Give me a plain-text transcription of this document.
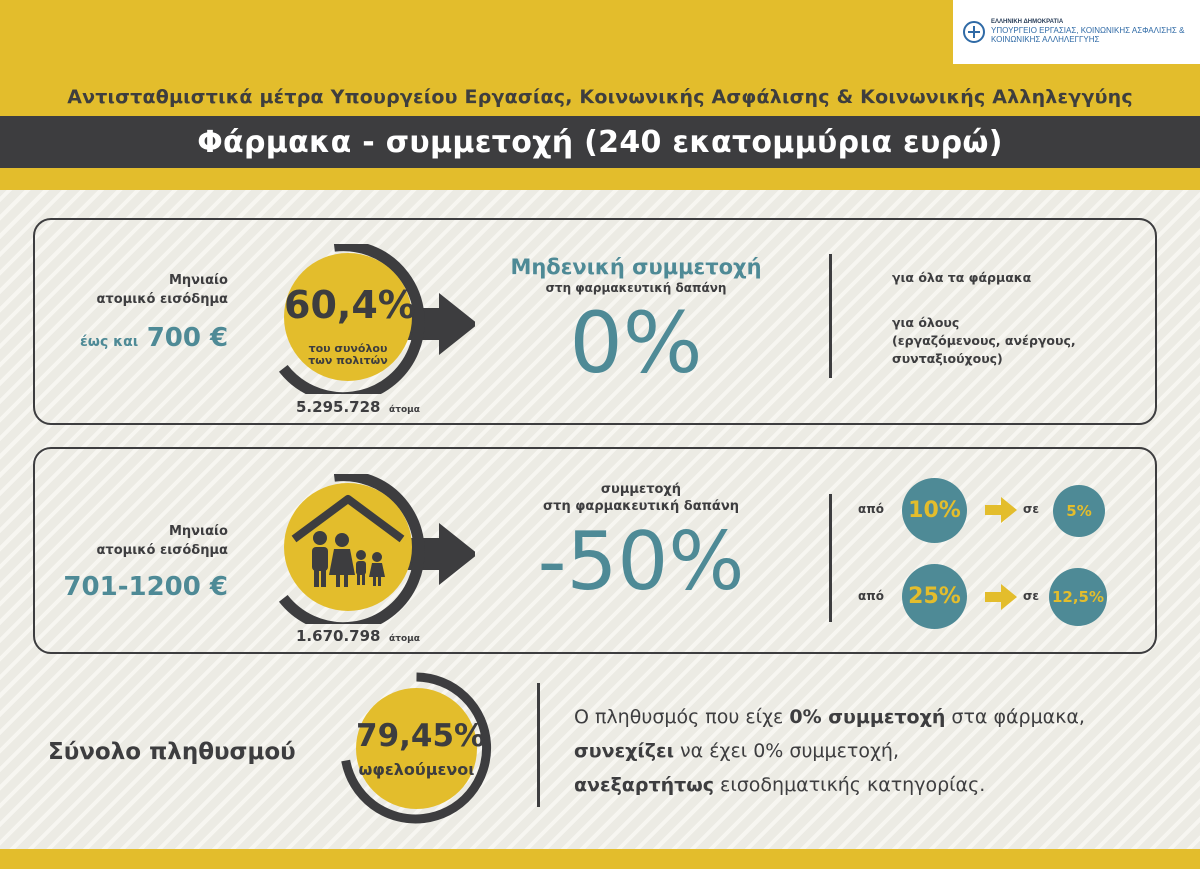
ΕΛΛΗΝΙΚΗ ΔΗΜΟΚΡΑΤΙΑ
ΥΠΟΥΡΓΕΙΟ ΕΡΓΑΣΙΑΣ, ΚΟΙΝΩΝΙΚΗΣ ΑΣΦΑΛΙΣΗΣ &
ΚΟΙΝΩΝΙΚΗΣ ΑΛΛΗΛΕΓΓΥΗΣ
Αντισταθμιστικά μέτρα Υπουργείου Εργασίας, Κοινωνικής Ασφάλισης & Κοινωνικής Αλληλεγγύης
Φάρμακα - συμμετοχή (240 εκατομμύρια ευρώ)
Μηνιαίο
ατομικό εισόδημα
έως και 700 €
60,4%
του συνόλου
των πολιτών
5.295.728 άτομα
Μηδενική συμμετοχή
στη φαρμακευτική δαπάνη
0%
για όλα τα φάρμακα
για όλους
(εργαζόμενους, ανέργους,
συνταξιούχους)
Μηνιαίο
ατομικό εισόδημα
701-1200 €
1.670.798 άτομα
συμμετοχή
στη φαρμακευτική δαπάνη
-50%
από 10%	σε	5%
από 25%	σε 12,5%
Σύνολο πληθυσμού 79,45%
ωφελούμενοι
Ο πληθυσμός που είχε 0% συμμετοχή στα φάρμακα,
συνεχίζει να έχει 0% συμμετοχή,
ανεξαρτήτως εισοδηματικής κατηγορίας.
